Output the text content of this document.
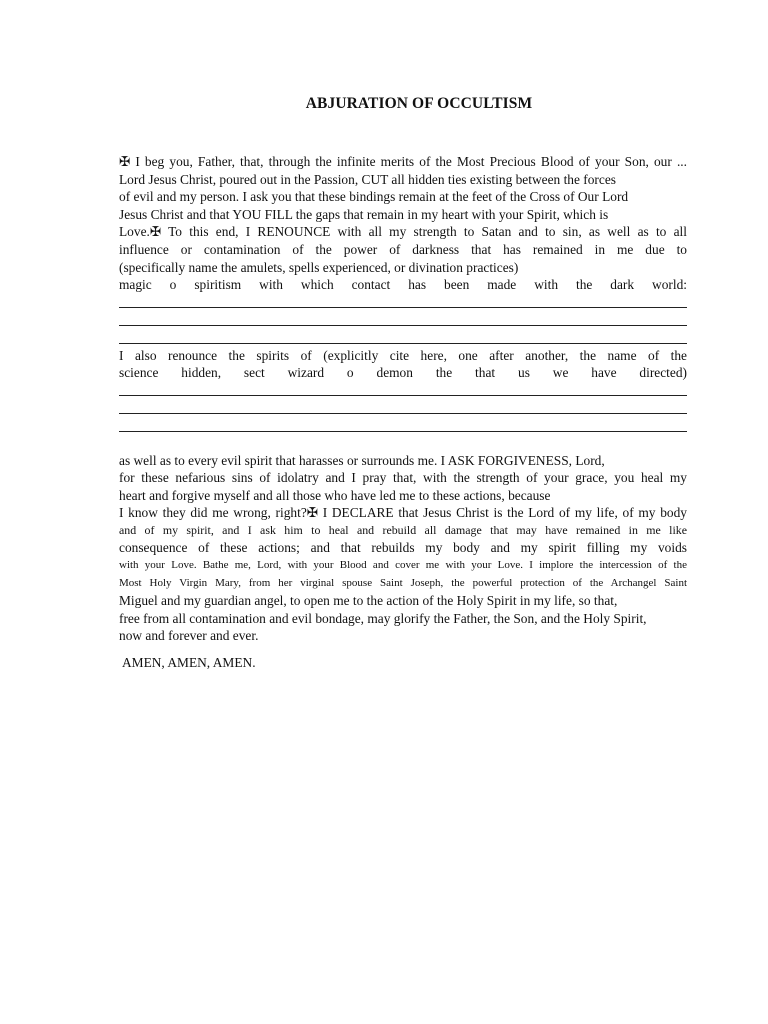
ABJURATION OF OCCULTISM
✠ I beg you, Father, that, through the infinite merits of the Most Precious Blood of your Son, our ...
Lord Jesus Christ, poured out in the Passion, CUT all hidden ties existing between the forces
of evil and my person. I ask you that these bindings remain at the feet of the Cross of Our Lord
Jesus Christ and that YOU FILL the gaps that remain in my heart with your Spirit, which is
Love.✠ To this end, I RENOUNCE with all my strength to Satan and to sin, as well as to all
influence or contamination of the power of darkness that has remained in me due to
(specifically name the amulets, spells experienced, or divination practices)
magic o spiritism with which contact has been made with the dark world:
I also renounce the spirits of (explicitly cite here, one after another, the name of the
science hidden, sect wizard o demon the that us we have directed)
as well as to every evil spirit that harasses or surrounds me. I ASK FORGIVENESS, Lord,
for these nefarious sins of idolatry and I pray that, with the strength of your grace, you heal my
heart and forgive myself and all those who have led me to these actions, because
I know they did me wrong, right?✠ I DECLARE that Jesus Christ is the Lord of my life, of my body
and of my spirit, and I ask him to heal and rebuild all damage that may have remained in me like
consequence of these actions; and that rebuilds my body and my spirit filling my voids
with your Love. Bathe me, Lord, with your Blood and cover me with your Love. I implore the intercession of the
Most Holy Virgin Mary, from her virginal spouse Saint Joseph, the powerful protection of the Archangel Saint
Miguel and my guardian angel, to open me to the action of the Holy Spirit in my life, so that,
free from all contamination and evil bondage, may glorify the Father, the Son, and the Holy Spirit,
now and forever and ever.
AMEN, AMEN, AMEN.
